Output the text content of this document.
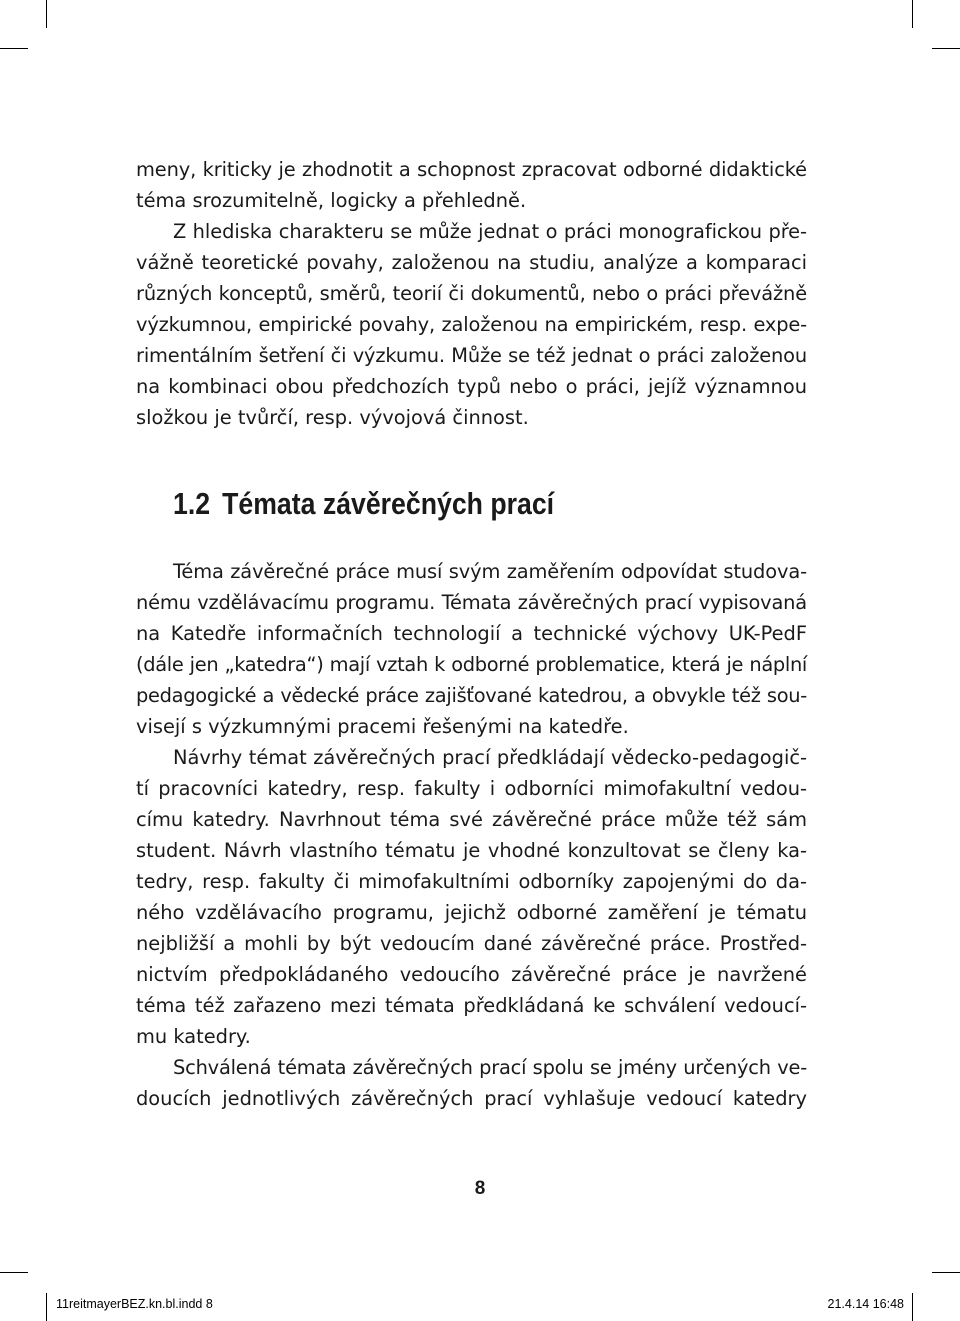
meny, kriticky je zhodnotit a schopnost zpracovat odborné didaktické
téma srozumitelně, logicky a přehledně.
Z hlediska charakteru se může jednat o práci monografickou pře-
vážně teoretické povahy, založenou na studiu, analýze a komparaci
různých konceptů, směrů, teorií či dokumentů, nebo o práci převážně
výzkumnou, empirické povahy, založenou na empirickém, resp. expe-
rimentálním šetření či výzkumu. Může se též jednat o práci založenou
na kombinaci obou předchozích typů nebo o práci, jejíž významnou
složkou je tvůrčí, resp. vývojová činnost.
1.2 Témata závěrečných prací
Téma závěrečné práce musí svým zaměřením odpovídat studova-
nému vzdělávacímu programu. Témata závěrečných prací vypisovaná
na Katedře informačních technologií a technické výchovy UK-PedF
(dále jen „katedra“) mají vztah k odborné problematice, která je náplní
pedagogické a vědecké práce zajišťované katedrou, a obvykle též sou-
visejí s výzkumnými pracemi řešenými na katedře.
Návrhy témat závěrečných prací předkládají vědecko-pedagogič-
tí pracovníci katedry, resp. fakulty i odborníci mimofakultní vedou-
címu katedry. Navrhnout téma své závěrečné práce může též sám
student. Návrh vlastního tématu je vhodné konzultovat se členy ka-
tedry, resp. fakulty či mimofakultními odborníky zapojenými do da-
ného vzdělávacího programu, jejichž odborné zaměření je tématu
nejbližší a mohli by být vedoucím dané závěrečné práce. Prostřed-
nictvím předpokládaného vedoucího závěrečné práce je navržené
téma též zařazeno mezi témata předkládaná ke schválení vedoucí-
mu katedry.
Schválená témata závěrečných prací spolu se jmény určených ve-
doucích jednotlivých závěrečných prací vyhlašuje vedoucí katedry
8
11reitmayerBEZ.kn.bl.indd 8	21.4.14 16:48
